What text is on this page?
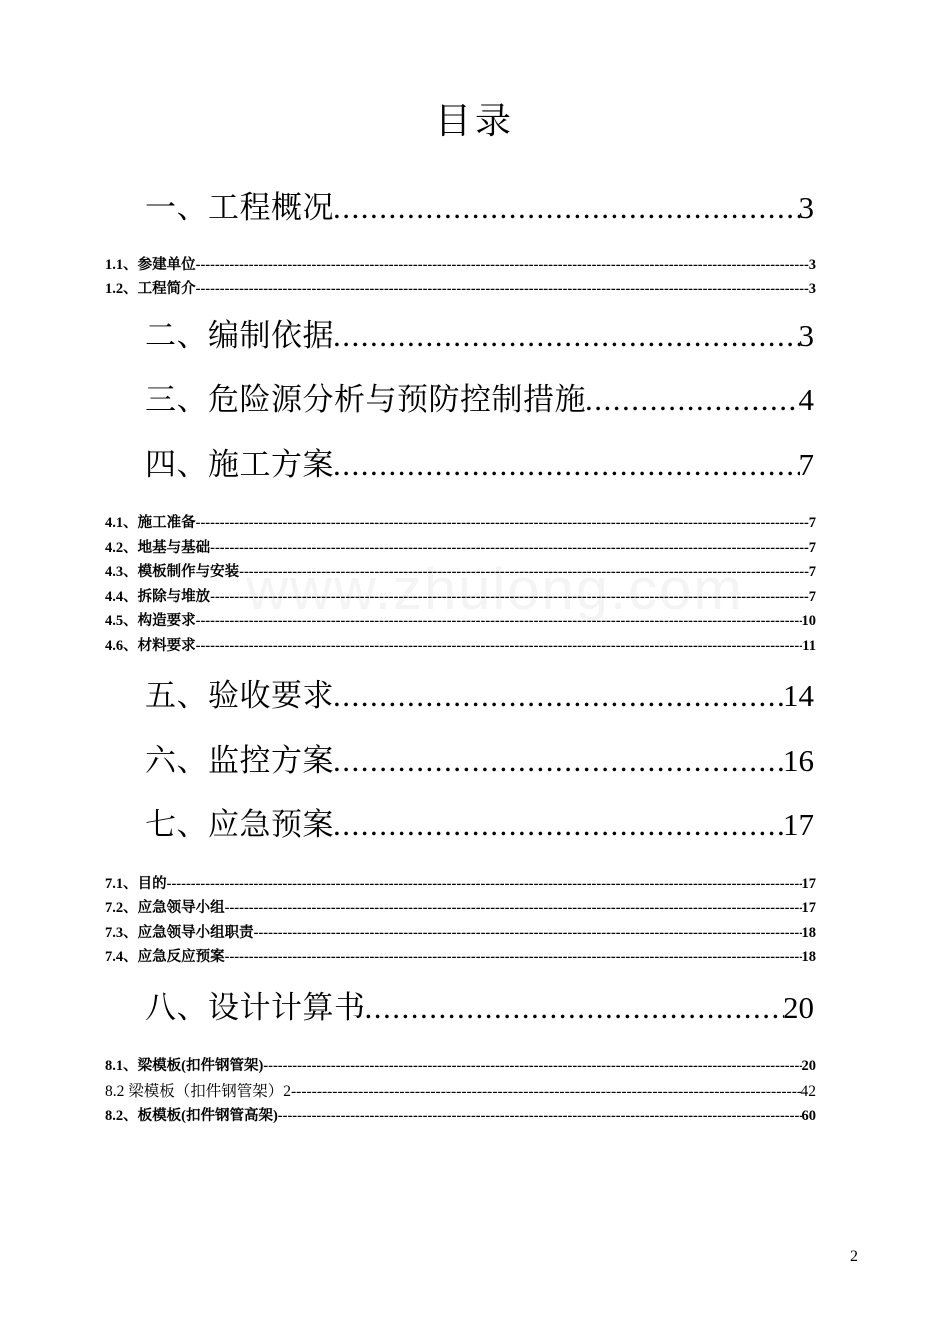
www.zhulong.com
目录
一、工程概况 .....	3
1.1、参建单位 -----	3
1.2、工程简介 -----	3
二、编制依据 .....	3
三、危险源分析与预防控制措施 .....	4
四、施工方案 .....	7
4.1、施工准备 -----	7
4.2、地基与基础 -----	7
4.3、模板制作与安装 -----	7
4.4、拆除与堆放 -----	7
4.5、构造要求 -----	10
4.6、材料要求 -----	11
五、验收要求 .....	14
六、监控方案 .....	16
七、应急预案 .....	17
7.1、目的 -----	17
7.2、应急领导小组 -----	17
7.3、应急领导小组职责 -----	18
7.4、应急反应预案 -----	18
八、设计计算书 .....	20
8.1、梁模板(扣件钢管架) -----	20
8.2 梁模板（扣件钢管架）2 -----	42
8.2、板模板(扣件钢管高架) -----	60
2
